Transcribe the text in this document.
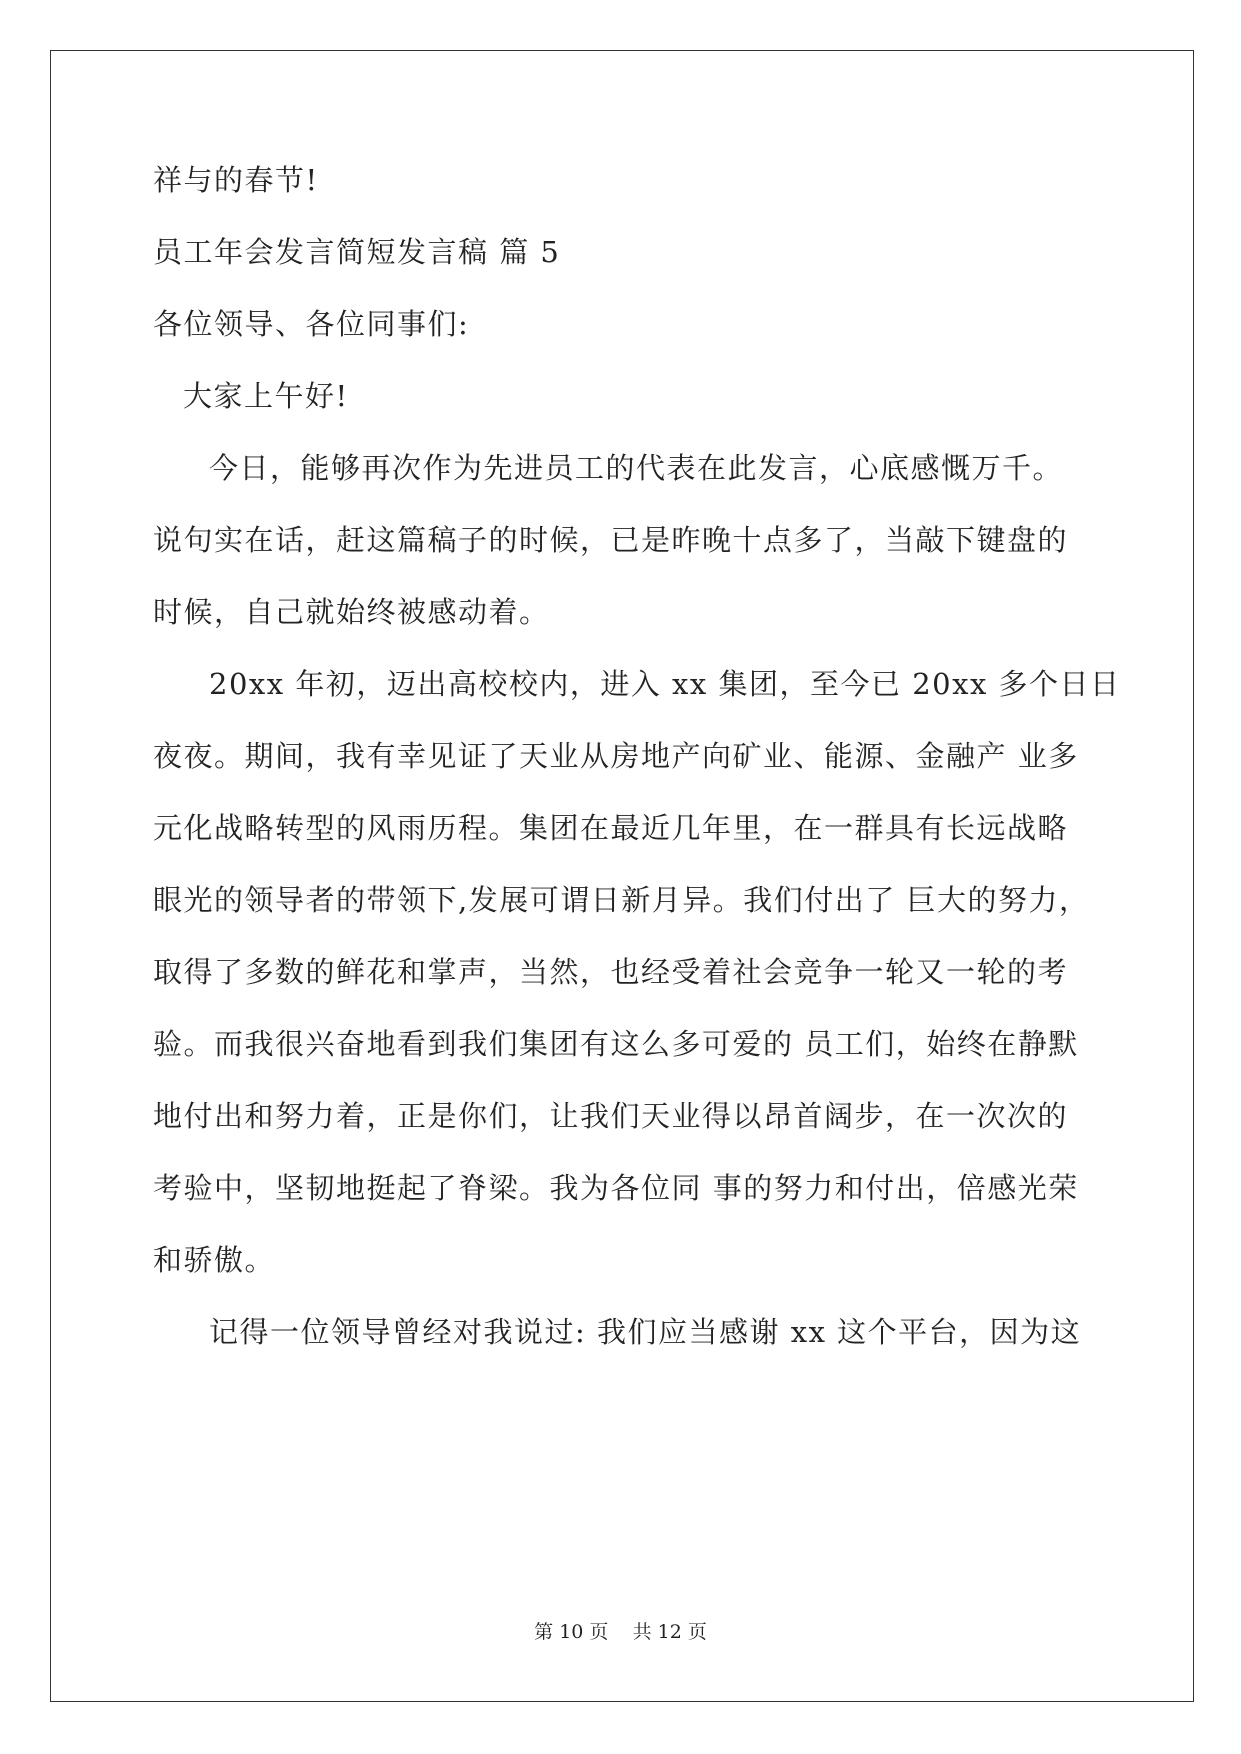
祥与的春节!
员工年会发言简短发言稿 篇 5
各位领导、各位同事们:
大家上午好!
今日，能够再次作为先进员工的代表在此发言，心底感慨万千。
说句实在话，赶这篇稿子的时候，已是昨晚十点多了，当敲下键盘的
时候，自己就始终被感动着。
20xx 年初，迈出高校校内，进入 xx 集团，至今已 20xx 多个日日
夜夜。期间，我有幸见证了天业从房地产向矿业、能源、金融产 业多
元化战略转型的风雨历程。集团在最近几年里，在一群具有长远战略
眼光的领导者的带领下,发展可谓日新月异。我们付出了 巨大的努力，
取得了多数的鲜花和掌声，当然，也经受着社会竞争一轮又一轮的考
验。而我很兴奋地看到我们集团有这么多可爱的 员工们，始终在静默
地付出和努力着，正是你们，让我们天业得以昂首阔步，在一次次的
考验中，坚韧地挺起了脊梁。我为各位同 事的努力和付出，倍感光荣
和骄傲。
记得一位领导曾经对我说过: 我们应当感谢 xx 这个平台，因为这
第 10 页    共 12 页
